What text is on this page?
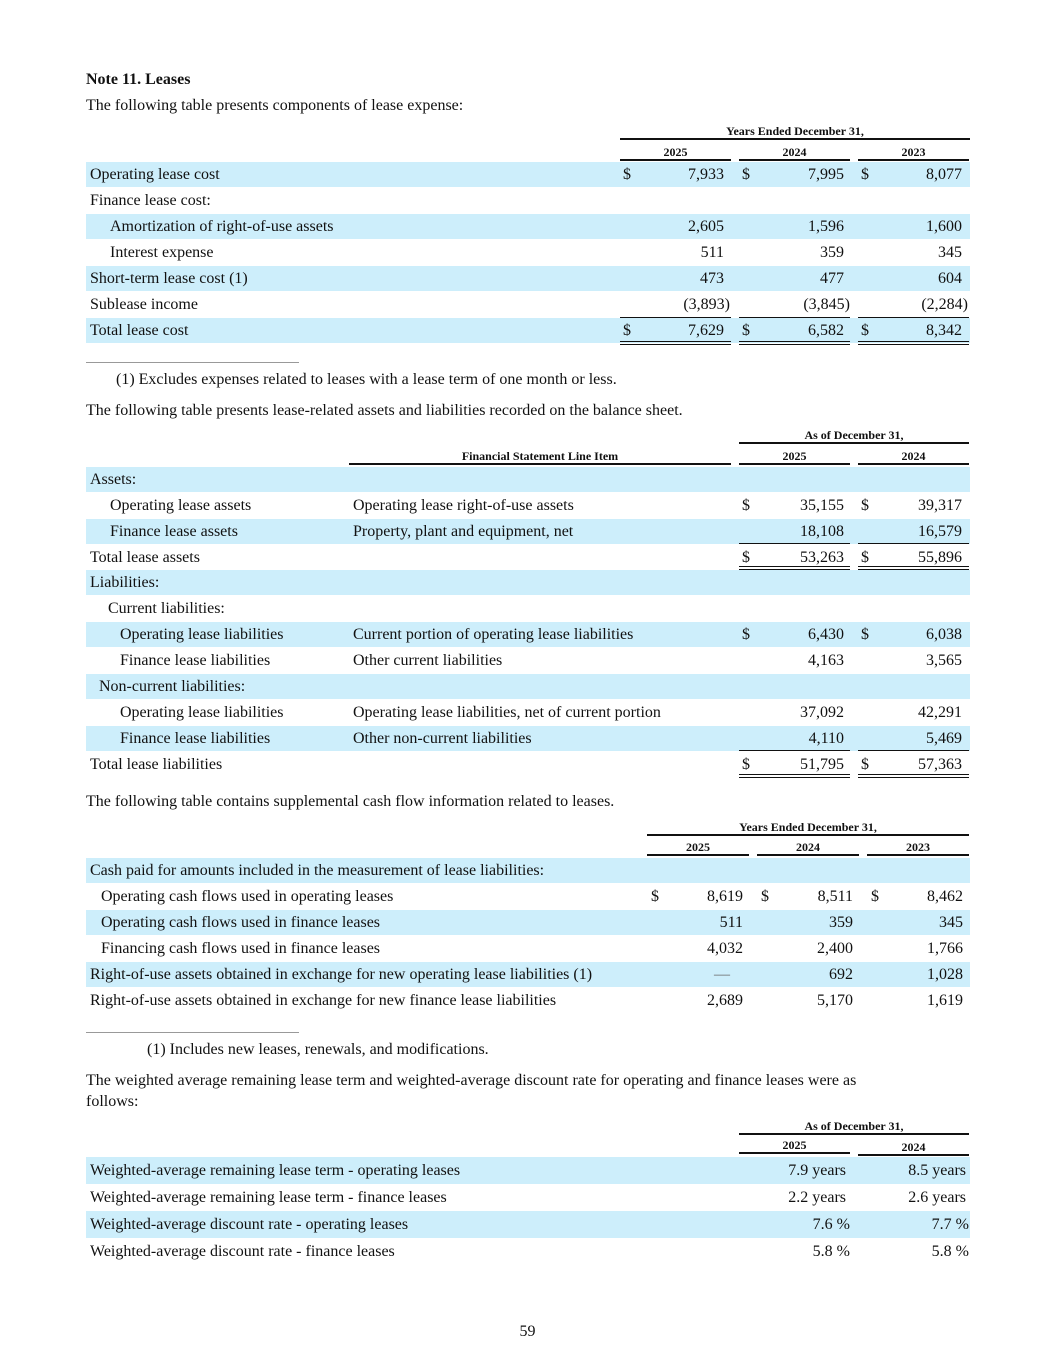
Note 11. Leases
The following table presents components of lease expense:
Years Ended December 31,
2025	2024	2023
Operating lease cost	$	7,933 $	7,995 $	8,077
Finance lease cost:
Amortization of right-of-use assets	2,605	1,596	1,600
Interest expense	511	359	345
Short-term lease cost (1)	473	477	604
Sublease income	(3,893)	(3,845)	(2,284)
Total lease cost	$	7,629 $	6,582 $	8,342
(1) Excludes expenses related to leases with a lease term of one month or less.
The following table presents lease-related assets and liabilities recorded on the balance sheet.
As of December 31,
Financial Statement Line Item	2025	2024
Assets:
Operating lease assets	Operating lease right-of-use assets	$	35,155 $	39,317
Finance lease assets	Property, plant and equipment, net	18,108	16,579
Total lease assets	$	53,263 $	55,896
Liabilities:
Current liabilities:
Operating lease liabilities	Current portion of operating lease liabilities	$	6,430 $	6,038
Finance lease liabilities	Other current liabilities	4,163	3,565
Non-current liabilities:
Operating lease liabilities	Operating lease liabilities, net of current portion	37,092	42,291
Finance lease liabilities	Other non-current liabilities	4,110	5,469
Total lease liabilities	$	51,795 $	57,363
The following table contains supplemental cash flow information related to leases.
Years Ended December 31,
2025	2024	2023
Cash paid for amounts included in the measurement of lease liabilities:
Operating cash flows used in operating leases	$	8,619 $	8,511 $	8,462
Operating cash flows used in finance leases	511	359	345
Financing cash flows used in finance leases	4,032	2,400	1,766
Right-of-use assets obtained in exchange for new operating lease liabilities (1)	—	692	1,028
Right-of-use assets obtained in exchange for new finance lease liabilities	2,689	5,170	1,619
(1) Includes new leases, renewals, and modifications.
The weighted average remaining lease term and weighted-average discount rate for operating and finance leases were as
follows:
As of December 31,
2025	2024
Weighted-average remaining lease term - operating leases	7.9 years	8.5 years
Weighted-average remaining lease term - finance leases	2.2 years	2.6 years
Weighted-average discount rate - operating leases	7.6 %	7.7 %
Weighted-average discount rate - finance leases	5.8 %	5.8 %
59
